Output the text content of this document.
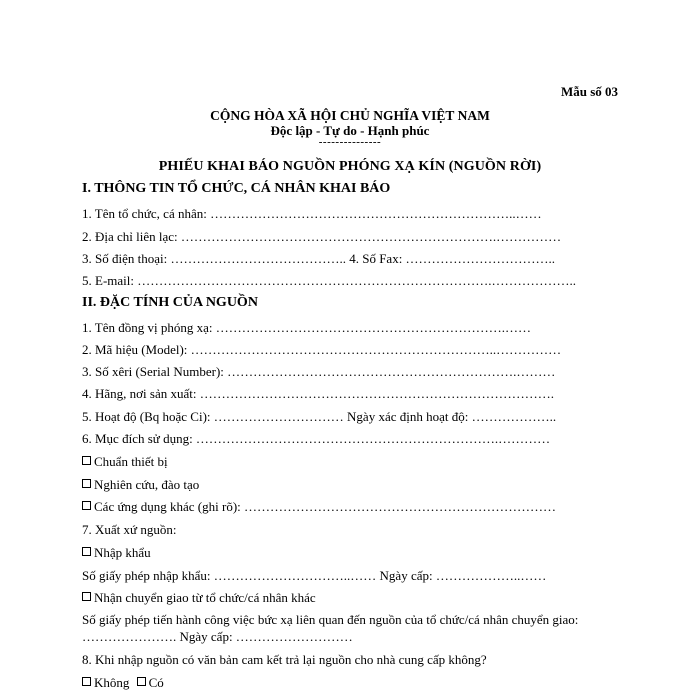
Mẫu số 03
CỘNG HÒA XÃ HỘI CHỦ NGHĨA VIỆT NAM
Độc lập - Tự do - Hạnh phúc
---------------
PHIẾU KHAI BÁO NGUỒN PHÓNG XẠ KÍN (NGUỒN RỜI)
I. THÔNG TIN TỔ CHỨC, CÁ NHÂN KHAI BÁO
1. Tên tổ chức, cá nhân: ……………………………………………………………..……
2. Địa chỉ liên lạc: ……………………………………………………………….……………
3. Số điện thoại: ………………………………….. 4. Số Fax: ……………………………..
5. E-mail: ……………………………………………………………………….………………..
II. ĐẶC TÍNH CỦA NGUỒN
1. Tên đồng vị phóng xạ: ………………………………………………………….……
2. Mã hiệu (Model): ……………………………………………………………..……………
3. Số xêri (Serial Number): ………………………………………………………….………
4. Hãng, nơi sản xuất: ……………………………………………………………………….
5. Hoạt độ (Bq hoặc Ci): ………………………… Ngày xác định hoạt độ: ………………..
6. Mục đích sử dụng: …………………………………………………………….…………
Chuẩn thiết bị
Nghiên cứu, đào tạo
Các ứng dụng khác (ghi rõ): ………………………………………………………………
7. Xuất xứ nguồn:
Nhập khẩu
Số giấy phép nhập khẩu: …………………………..…… Ngày cấp: ………………..……
Nhận chuyển giao từ tổ chức/cá nhân khác
Số giấy phép tiến hành công việc bức xạ liên quan đến nguồn của tổ chức/cá nhân chuyển giao:
…………………. Ngày cấp: ………………………
8. Khi nhập nguồn có văn bản cam kết trả lại nguồn cho nhà cung cấp không?
Không Có
